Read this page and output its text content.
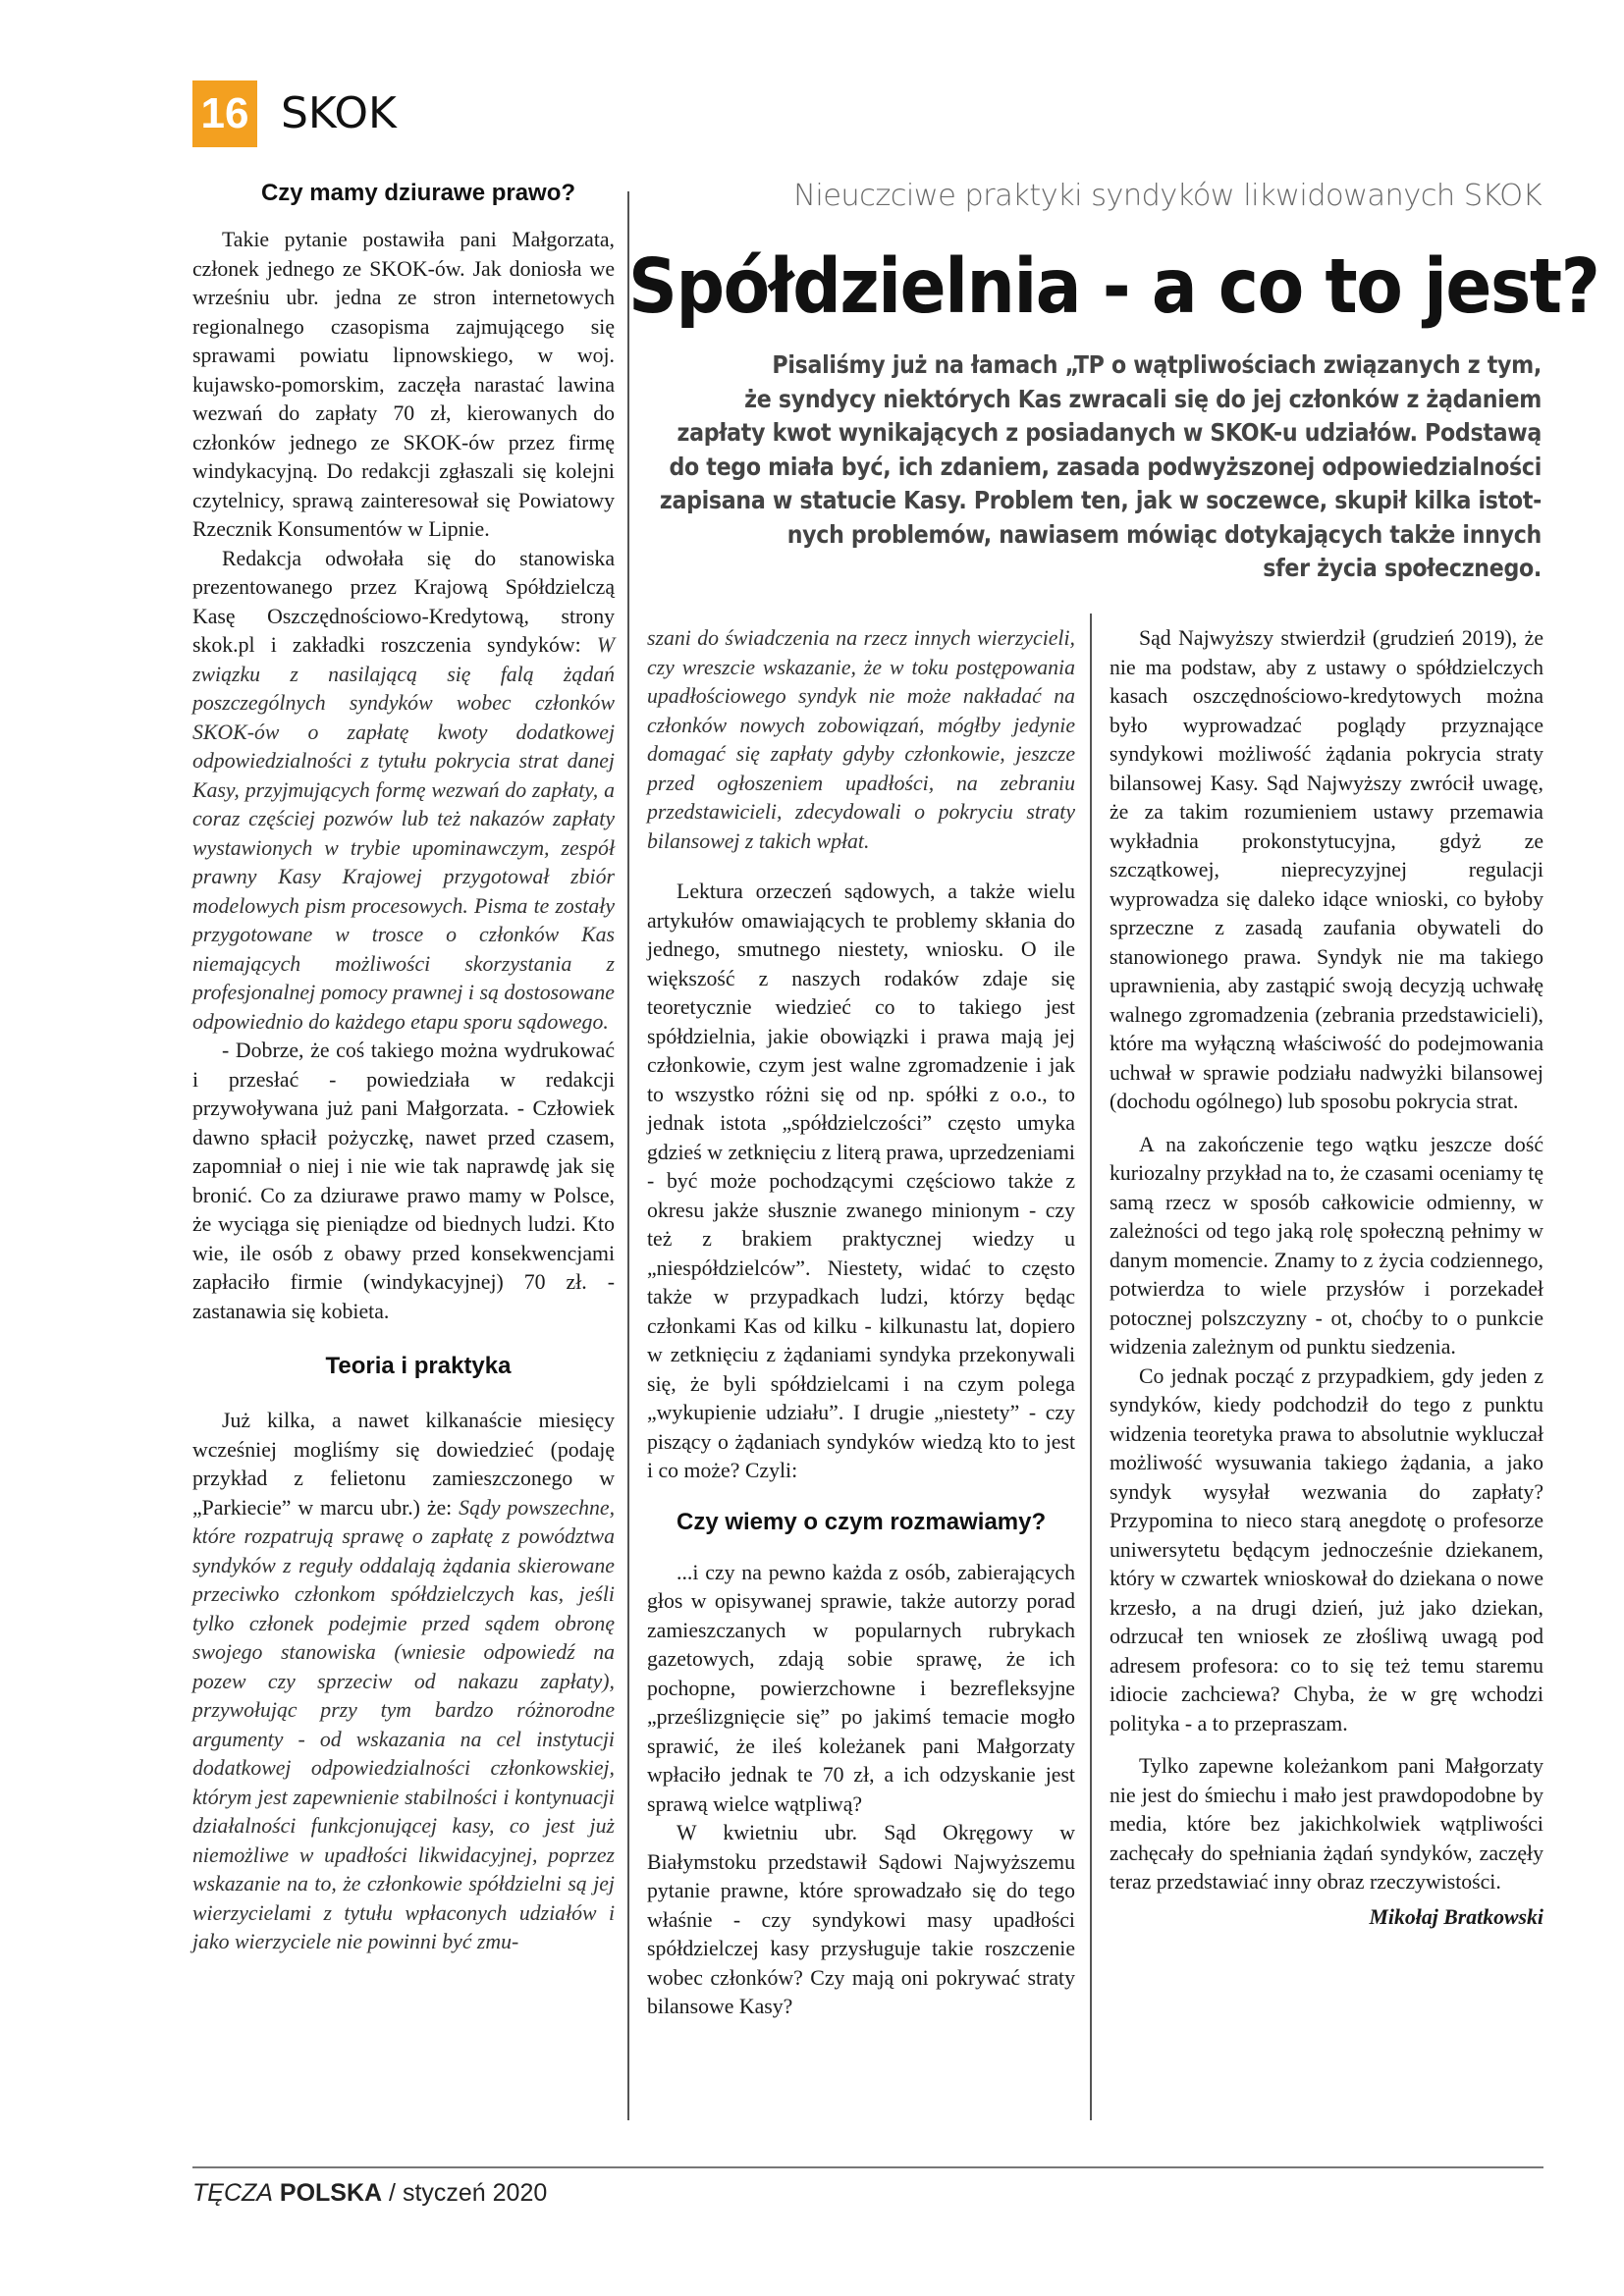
16 SKOK

Czy mamy dziurawe prawo?

Takie pytanie postawiła pani Małgorzata, członek jednego ze SKOK-ów. Jak doniosła we wrześniu ubr. jedna ze stron internetowych regionalnego czasopisma zajmującego się sprawami powiatu lipnowskiego, w woj. kujawsko-pomorskim, zaczęła narastać lawina wezwań do zapłaty 70 zł, kierowanych do członków jednego ze SKOK-ów przez firmę windykacyjną. Do redakcji zgłaszali się kolejni czytelnicy, sprawą zainteresował się Powiatowy Rzecznik Konsumentów w Lipnie.

Redakcja odwołała się do stanowiska prezentowanego przez Krajową Spółdzielczą Kasę Oszczędnościowo-Kredytową, strony skok.pl i zakładki roszczenia syndyków: W związku z nasilającą się falą żądań poszczególnych syndyków wobec członków SKOK-ów o zapłatę kwoty dodatkowej odpowiedzialności z tytułu pokrycia strat danej Kasy, przyjmujących formę wezwań do zapłaty, a coraz częściej pozwów lub też nakazów zapłaty wystawionych w trybie upominawczym, zespół prawny Kasy Krajowej przygotował zbiór modelowych pism procesowych. Pisma te zostały przygotowane w trosce o członków Kas niemających możliwości skorzystania z profesjonalnej pomocy prawnej i są dostosowane odpowiednio do każdego etapu sporu sądowego.

- Dobrze, że coś takiego można wydrukować i przesłać - powiedziała w redakcji przywoływana już pani Małgorzata. - Człowiek dawno spłacił pożyczkę, nawet przed czasem, zapomniał o niej i nie wie tak naprawdę jak się bronić. Co za dziurawe prawo mamy w Polsce, że wyciąga się pieniądze od biednych ludzi. Kto wie, ile osób z obawy przed konsekwencjami zapłaciło firmie (windykacyjnej) 70 zł. - zastanawia się kobieta.

Teoria i praktyka

Już kilka, a nawet kilkanaście miesięcy wcześniej mogliśmy się dowiedzieć (podaję przykład z felietonu zamieszczonego w „Parkiecie” w marcu ubr.) że: Sądy powszechne, które rozpatrują sprawę o zapłatę z powództwa syndyków z reguły oddalają żądania skierowane przeciwko członkom spółdzielczych kas, jeśli tylko członek podejmie przed sądem obronę swojego stanowiska (wniesie odpowiedź na pozew czy sprzeciw od nakazu zapłaty), przywołując przy tym bardzo różnorodne argumenty - od wskazania na cel instytucji dodatkowej odpowiedzialności członkowskiej, którym jest zapewnienie stabilności i kontynuacji działalności funkcjonującej kasy, co jest już niemożliwe w upadłości likwidacyjnej, poprzez wskazanie na to, że członkowie spółdzielni są jej wierzycielami z tytułu wpłaconych udziałów i jako wierzyciele nie powinni być zmu-

Nieuczciwe praktyki syndyków likwidowanych SKOK
Spółdzielnia - a co to jest?
Pisaliśmy już na łamach „TP o wątpliwościach związanych z tym,
że syndycy niektórych Kas zwracali się do jej członków z żądaniem
zapłaty kwot wynikających z posiadanych w SKOK-u udziałów. Podstawą
do tego miała być, ich zdaniem, zasada podwyższonej odpowiedzialności
zapisana w statucie Kasy. Problem ten, jak w soczewce, skupił kilka istot-
nych problemów, nawiasem mówiąc dotykających także innych
sfer życia społecznego.

szani do świadczenia na rzecz innych wierzycieli, czy wreszcie wskazanie, że w toku postępowania upadłościowego syndyk nie może nakładać na członków nowych zobowiązań, mógłby jedynie domagać się zapłaty gdyby członkowie, jeszcze przed ogłoszeniem upadłości, na zebraniu przedstawicieli, zdecydowali o pokryciu straty bilansowej z takich wpłat.

Lektura orzeczeń sądowych, a także wielu artykułów omawiających te problemy skłania do jednego, smutnego niestety, wniosku. O ile większość z naszych rodaków zdaje się teoretycznie wiedzieć co to takiego jest spółdzielnia, jakie obowiązki i prawa mają jej członkowie, czym jest walne zgromadzenie i jak to wszystko różni się od np. spółki z o.o., to jednak istota „spółdzielczości” często umyka gdzieś w zetknięciu z literą prawa, uprzedzeniami - być może pochodzącymi częściowo także z okresu jakże słusznie zwanego minionym - czy też z brakiem praktycznej wiedzy u „niespółdzielców”. Niestety, widać to często także w przypadkach ludzi, którzy będąc członkami Kas od kilku - kilkunastu lat, dopiero w zetknięciu z żądaniami syndyka przekonywali się, że byli spółdzielcami i na czym polega „wykupienie udziału”. I drugie „niestety” - czy piszący o żądaniach syndyków wiedzą kto to jest i co może? Czyli:

Czy wiemy o czym rozmawiamy?

...i czy na pewno każda z osób, zabierających głos w opisywanej sprawie, także autorzy porad zamieszczanych w popularnych rubrykach gazetowych, zdają sobie sprawę, że ich pochopne, powierzchowne i bezrefleksyjne „prześlizgnięcie się” po jakimś temacie mogło sprawić, że ileś koleżanek pani Małgorzaty wpłaciło jednak te 70 zł, a ich odzyskanie jest sprawą wielce wątpliwą?

W kwietniu ubr. Sąd Okręgowy w Białymstoku przedstawił Sądowi Najwyższemu pytanie prawne, które sprowadzało się do tego właśnie - czy syndykowi masy upadłości spółdzielczej kasy przysługuje takie roszczenie wobec członków? Czy mają oni pokrywać straty bilansowe Kasy?

Sąd Najwyższy stwierdził (grudzień 2019), że nie ma podstaw, aby z ustawy o spółdzielczych kasach oszczędnościowo-kredytowych można było wyprowadzać poglądy przyznające syndykowi możliwość żądania pokrycia straty bilansowej Kasy. Sąd Najwyższy zwrócił uwagę, że za takim rozumieniem ustawy przemawia wykładnia prokonstytucyjna, gdyż ze szczątkowej, nieprecyzyjnej regulacji wyprowadza się daleko idące wnioski, co byłoby sprzeczne z zasadą zaufania obywateli do stanowionego prawa. Syndyk nie ma takiego uprawnienia, aby zastąpić swoją decyzją uchwałę walnego zgromadzenia (zebrania przedstawicieli), które ma wyłączną właściwość do podejmowania uchwał w sprawie podziału nadwyżki bilansowej (dochodu ogólnego) lub sposobu pokrycia strat.

A na zakończenie tego wątku jeszcze dość kuriozalny przykład na to, że czasami oceniamy tę samą rzecz w sposób całkowicie odmienny, w zależności od tego jaką rolę społeczną pełnimy w danym momencie. Znamy to z życia codziennego, potwierdza to wiele przysłów i porzekadeł potocznej polszczyzny - ot, choćby to o punkcie widzenia zależnym od punktu siedzenia.

Co jednak począć z przypadkiem, gdy jeden z syndyków, kiedy podchodził do tego z punktu widzenia teoretyka prawa to absolutnie wykluczał możliwość wysuwania takiego żądania, a jako syndyk wysyłał wezwania do zapłaty? Przypomina to nieco starą anegdotę o profesorze uniwersytetu będącym jednocześnie dziekanem, który w czwartek wnioskował do dziekana o nowe krzesło, a na drugi dzień, już jako dziekan, odrzucał ten wniosek ze złośliwą uwagą pod adresem profesora: co to się też temu staremu idiocie zachciewa? Chyba, że w grę wchodzi polityka - a to przepraszam.

Tylko zapewne koleżankom pani Małgorzaty nie jest do śmiechu i mało jest prawdopodobne by media, które bez jakichkolwiek wątpliwości zachęcały do spełniania żądań syndyków, zaczęły teraz przedstawiać inny obraz rzeczywistości.

Mikołaj Bratkowski

TĘCZA POLSKA / styczeń 2020
